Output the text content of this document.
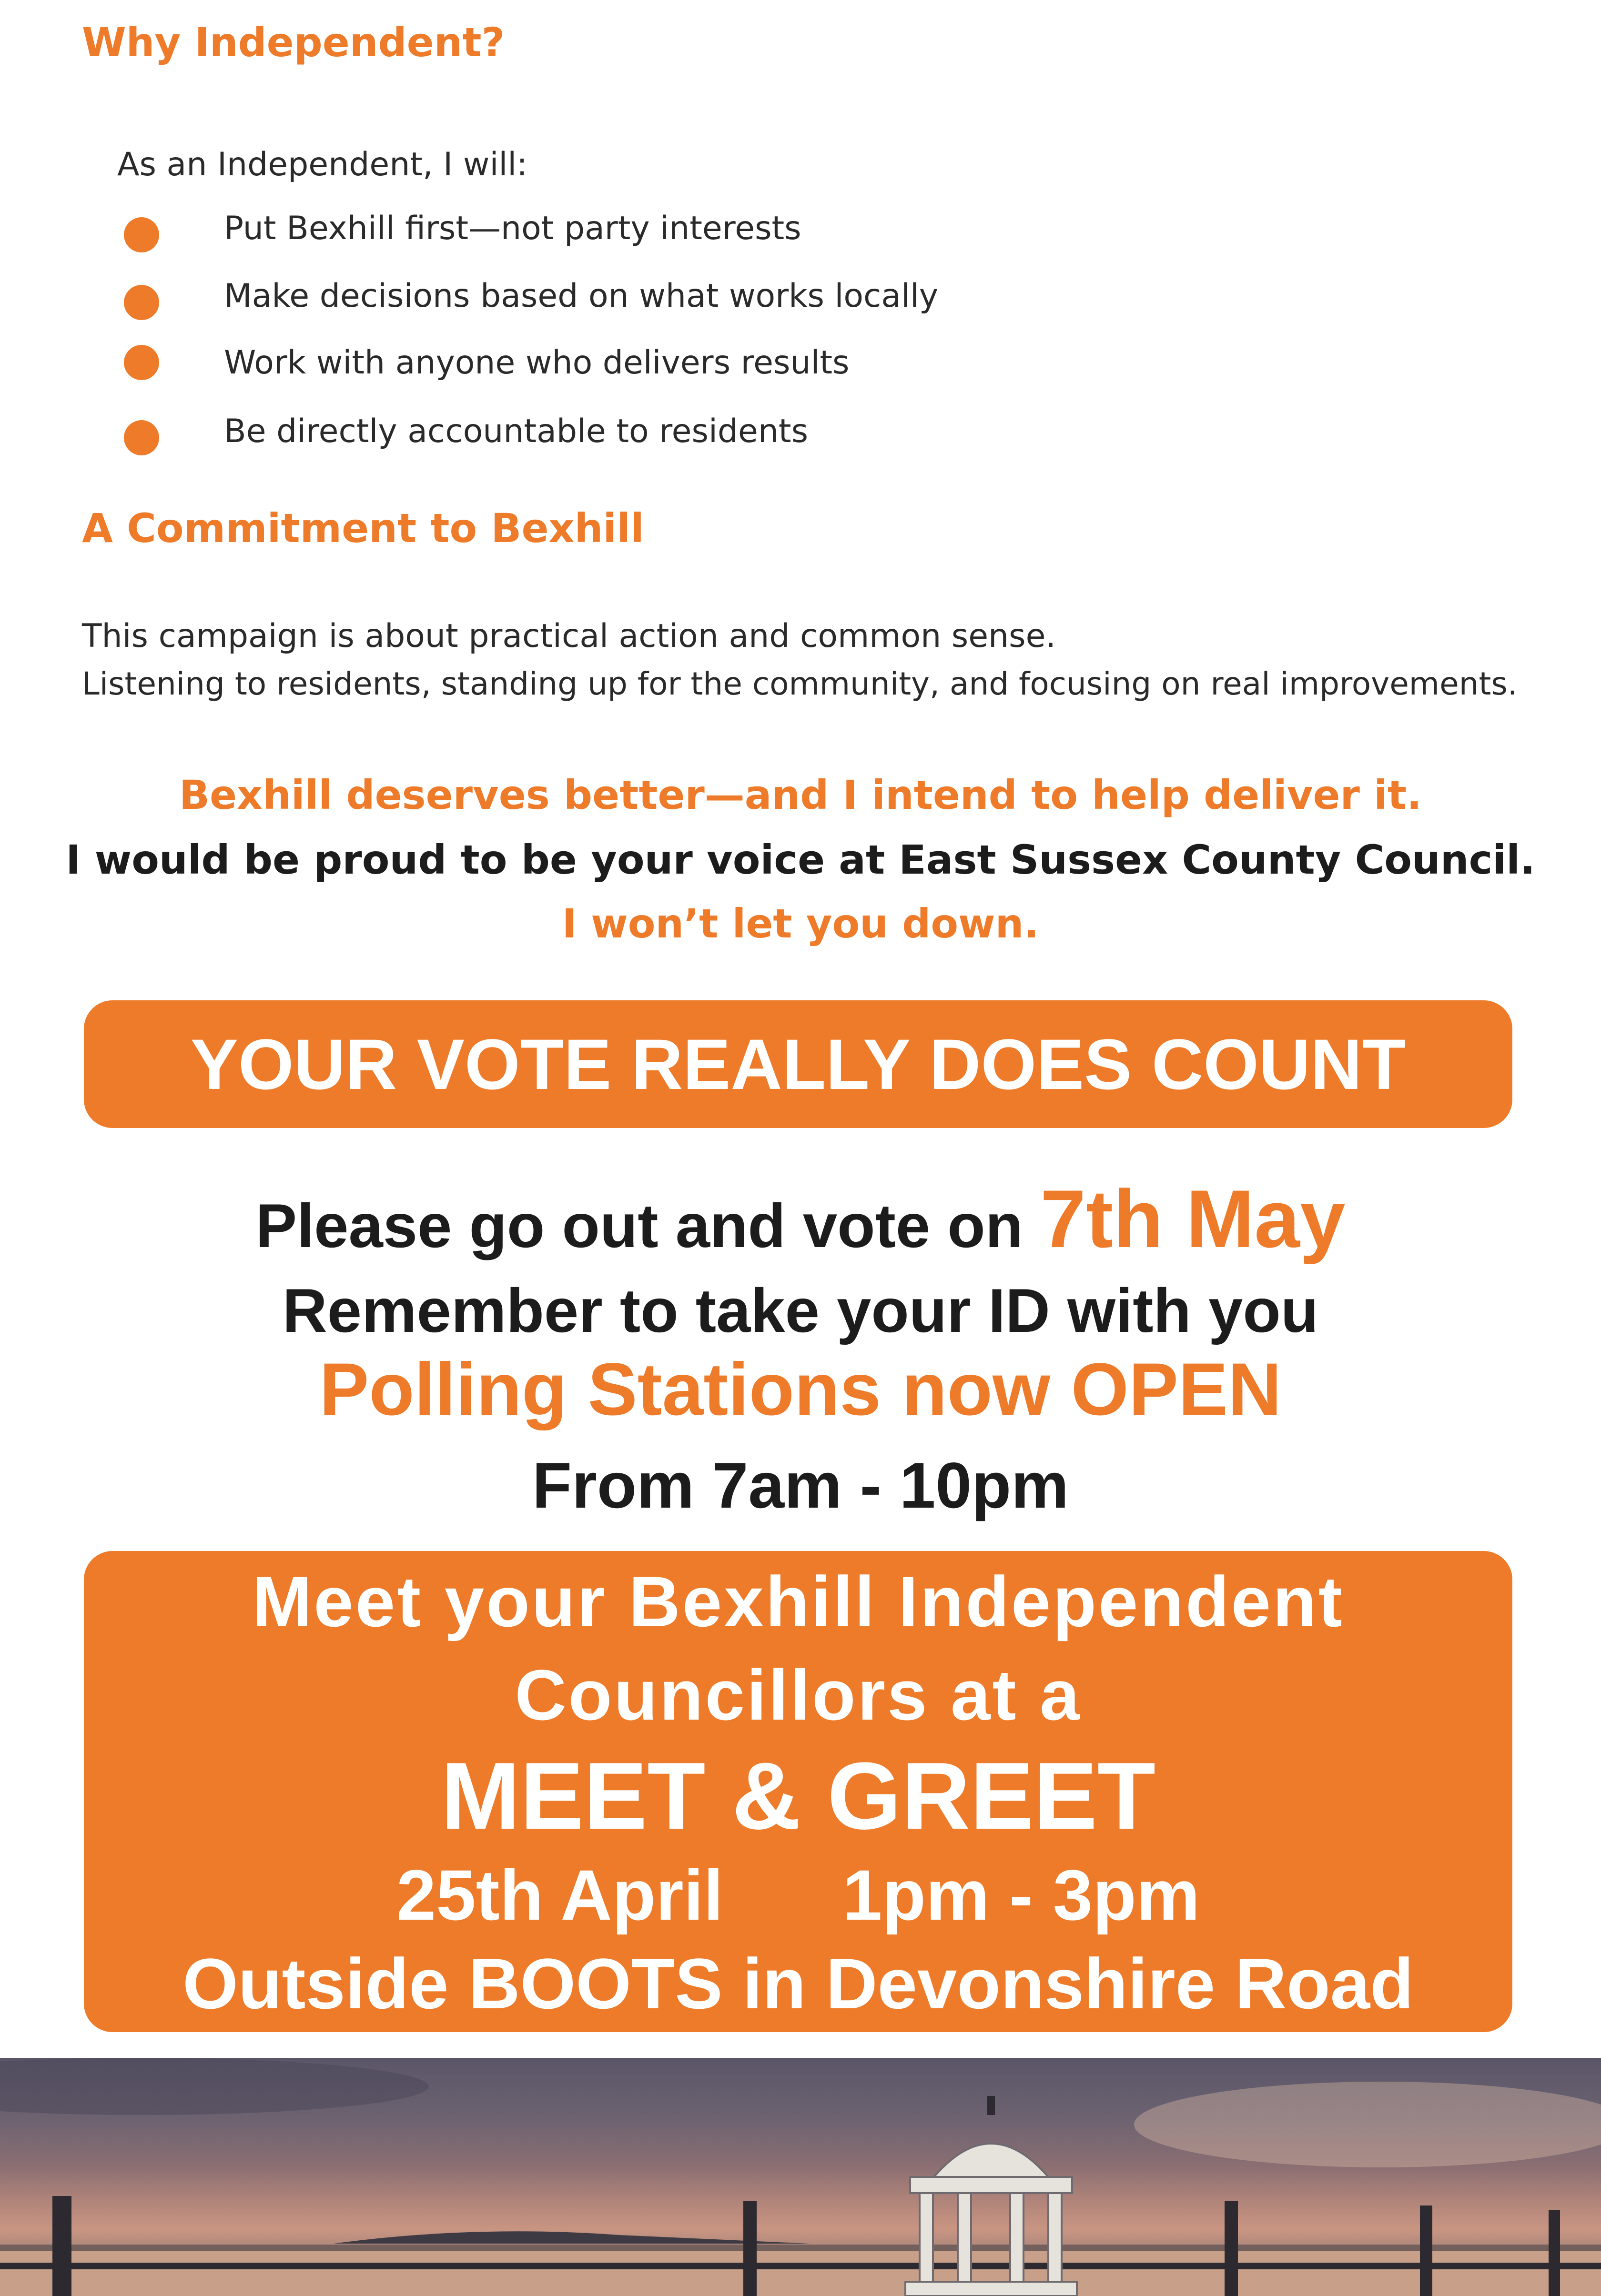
Why Independent?
As an Independent, I will:
Put Bexhill first—not party interests
Make decisions based on what works locally
Work with anyone who delivers results
Be directly accountable to residents
A Commitment to Bexhill
This campaign is about practical action and common sense.
Listening to residents, standing up for the community, and focusing on real improvements.
Bexhill deserves better—and I intend to help deliver it.
I would be proud to be your voice at East Sussex County Council.
I won’t let you down.
YOUR VOTE REALLY DOES COUNT
Please go out and vote on 7th May
Remember to take your ID with you
Polling Stations now OPEN
From 7am - 10pm
Meet your Bexhill Independent
Councillors at a
MEET & GREET
25th April 1pm - 3pm
Outside BOOTS in Devonshire Road
